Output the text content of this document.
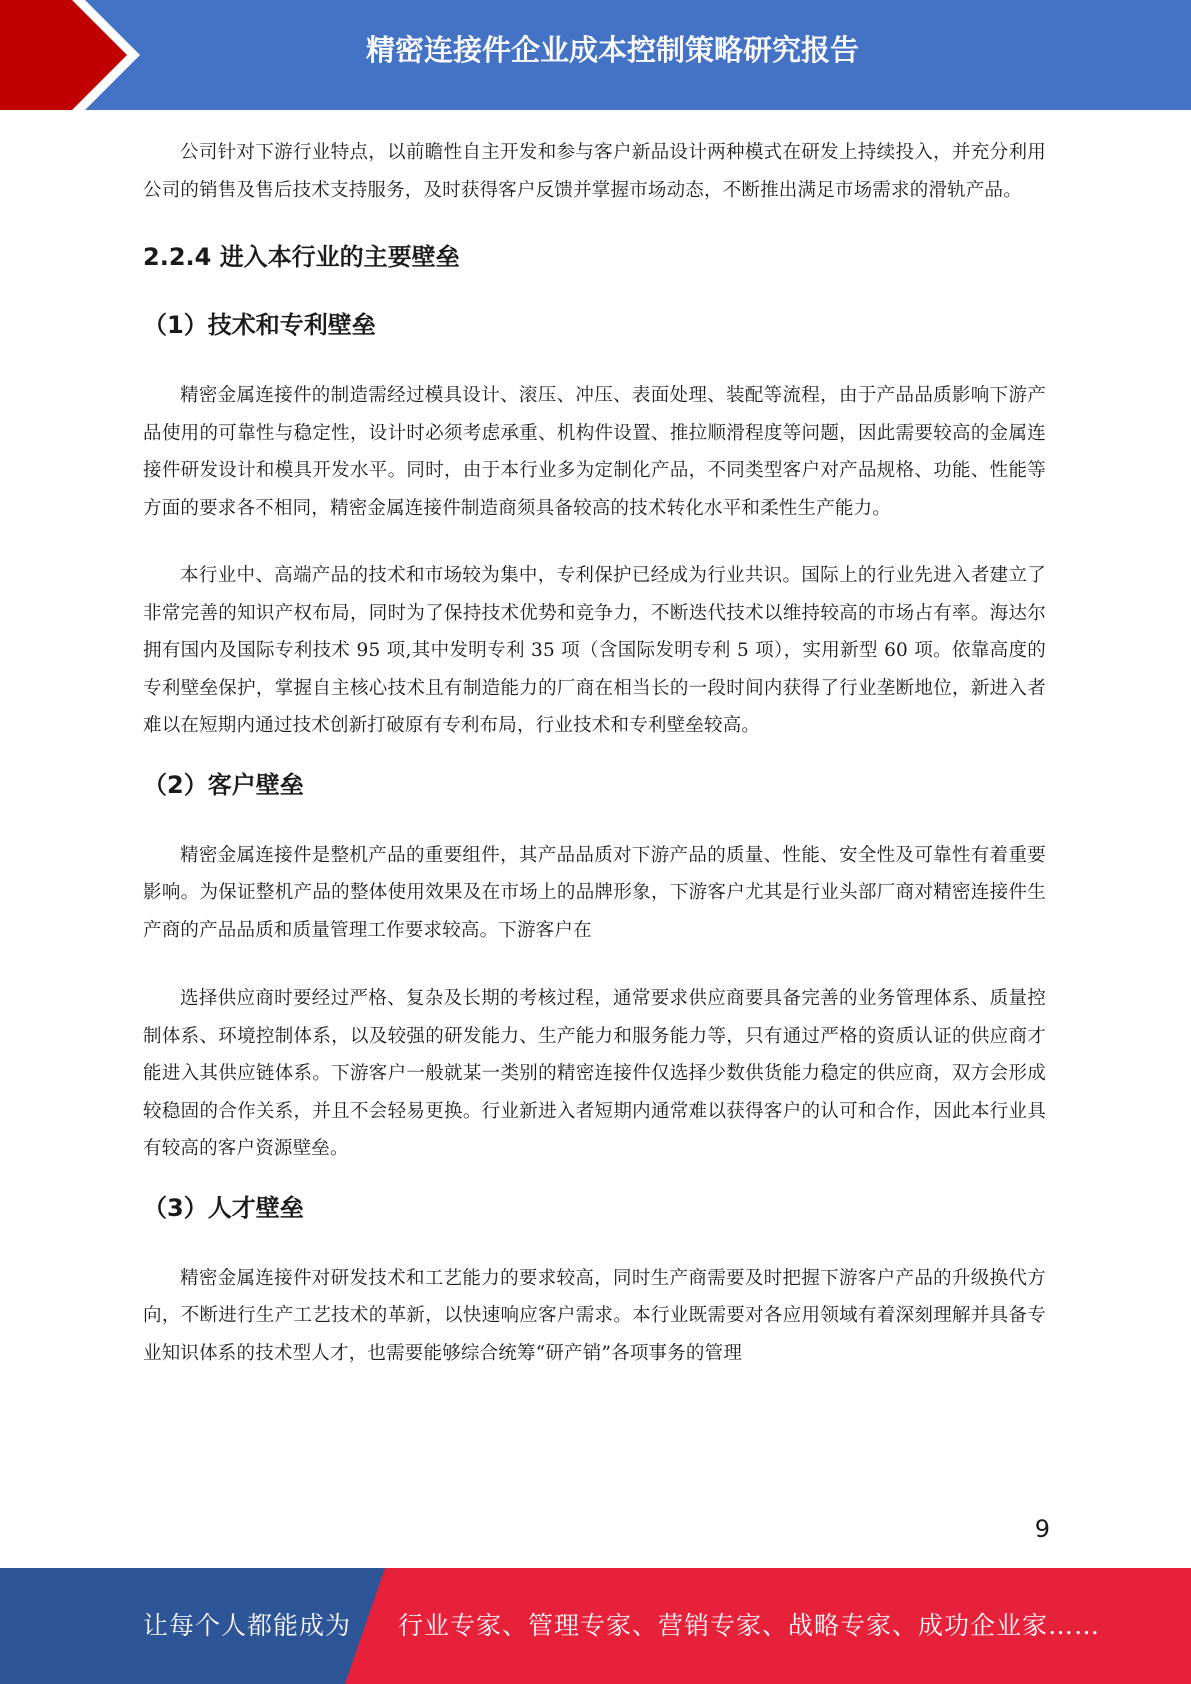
精密连接件企业成本控制策略研究报告

公司针对下游行业特点，以前瞻性自主开发和参与客户新品设计两种模式在研发上持续投入，并充分利用公司的销售及售后技术支持服务，及时获得客户反馈并掌握市场动态，不断推出满足市场需求的滑轨产品。

2.2.4 进入本行业的主要壁垒
（1）技术和专利壁垒

精密金属连接件的制造需经过模具设计、滚压、冲压、表面处理、装配等流程，由于产品品质影响下游产品使用的可靠性与稳定性，设计时必须考虑承重、机构件设置、推拉顺滑程度等问题，因此需要较高的金属连接件研发设计和模具开发水平。同时，由于本行业多为定制化产品，不同类型客户对产品规格、功能、性能等方面的要求各不相同，精密金属连接件制造商须具备较高的技术转化水平和柔性生产能力。

本行业中、高端产品的技术和市场较为集中，专利保护已经成为行业共识。国际上的行业先进入者建立了非常完善的知识产权布局，同时为了保持技术优势和竞争力，不断迭代技术以维持较高的市场占有率。海达尔拥有国内及国际专利技术 95 项,其中发明专利 35 项（含国际发明专利 5 项），实用新型 60 项。依靠高度的专利壁垒保护，掌握自主核心技术且有制造能力的厂商在相当长的一段时间内获得了行业垄断地位，新进入者难以在短期内通过技术创新打破原有专利布局，行业技术和专利壁垒较高。

（2）客户壁垒

精密金属连接件是整机产品的重要组件，其产品品质对下游产品的质量、性能、安全性及可靠性有着重要影响。为保证整机产品的整体使用效果及在市场上的品牌形象，下游客户尤其是行业头部厂商对精密连接件生产商的产品品质和质量管理工作要求较高。下游客户在

选择供应商时要经过严格、复杂及长期的考核过程，通常要求供应商要具备完善的业务管理体系、质量控制体系、环境控制体系，以及较强的研发能力、生产能力和服务能力等，只有通过严格的资质认证的供应商才能进入其供应链体系。下游客户一般就某一类别的精密连接件仅选择少数供货能力稳定的供应商，双方会形成较稳固的合作关系，并且不会轻易更换。行业新进入者短期内通常难以获得客户的认可和合作，因此本行业具有较高的客户资源壁垒。

（3）人才壁垒

精密金属连接件对研发技术和工艺能力的要求较高，同时生产商需要及时把握下游客户产品的升级换代方向，不断进行生产工艺技术的革新，以快速响应客户需求。本行业既需要对各应用领域有着深刻理解并具备专业知识体系的技术型人才，也需要能够综合统筹“研产销”各项事务的管理

9
让每个人都能成为 行业专家、管理专家、营销专家、战略专家、成功企业家……
